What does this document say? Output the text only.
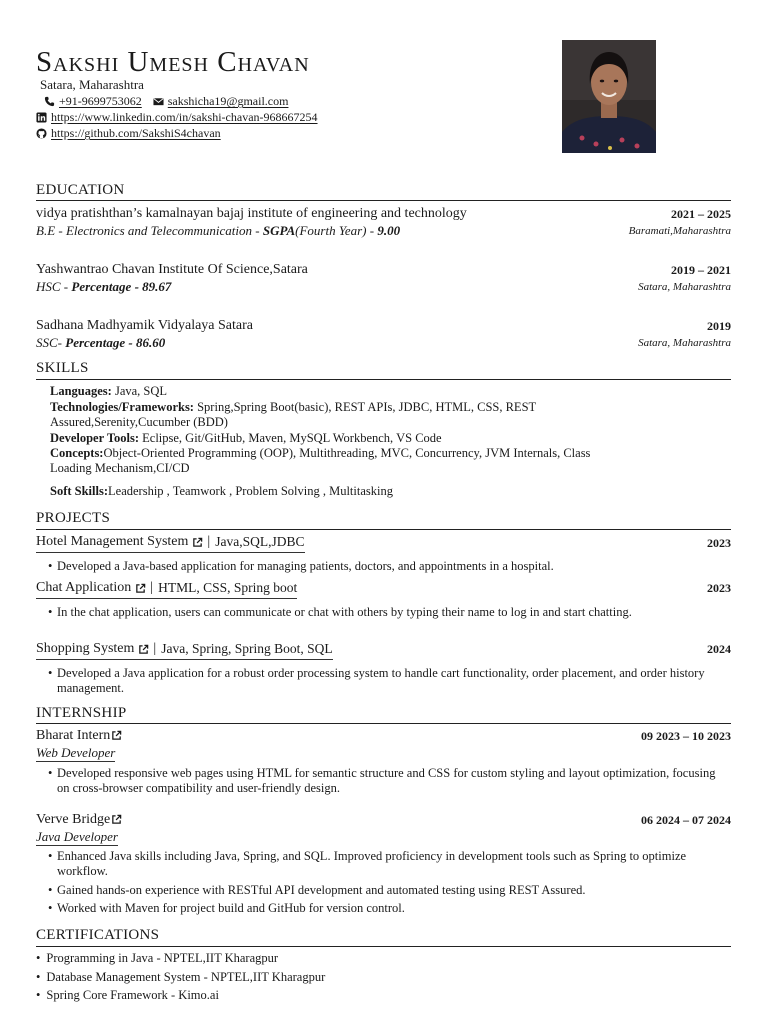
Sakshi Umesh Chavan
Satara, Maharashtra
+91-9699753062 sakshicha19@gmail.com
https://www.linkedin.com/in/sakshi-chavan-968667254
https://github.com/SakshiS4chavan
EDUCATION
vidya pratishthan’s kamalnayan bajaj institute of engineering and technology	2021 – 2025
B.E - Electronics and Telecommunication - SGPA(Fourth Year) - 9.00	Baramati,Maharashtra
Yashwantrao Chavan Institute Of Science,Satara	2019 – 2021
HSC - Percentage - 89.67	Satara, Maharashtra
Sadhana Madhyamik Vidyalaya Satara	2019
SSC- Percentage - 86.60	Satara, Maharashtra
SKILLS
Languages: Java, SQL
Technologies/Frameworks: Spring,Spring Boot(basic), REST APIs, JDBC, HTML, CSS, REST
Assured,Serenity,Cucumber (BDD)
Developer Tools: Eclipse, Git/GitHub, Maven, MySQL Workbench, VS Code
Concepts:Object-Oriented Programming (OOP), Multithreading, MVC, Concurrency, JVM Internals, Class
Loading Mechanism,CI/CD
Soft Skills:Leadership , Teamwork , Problem Solving , Multitasking
PROJECTS
Hotel Management System | Java,SQL,JDBC	2023
• Developed a Java-based application for managing patients, doctors, and appointments in a hospital.
Chat Application | HTML, CSS, Spring boot	2023
• In the chat application, users can communicate or chat with others by typing their name to log in and start chatting.
Shopping System | Java, Spring, Spring Boot, SQL	2024
• Developed a Java application for a robust order processing system to handle cart functionality, order placement, and order history management.
INTERNSHIP
Bharat Intern	09 2023 – 10 2023
Web Developer
• Developed responsive web pages using HTML for semantic structure and CSS for custom styling and layout optimization, focusing on cross-browser compatibility and user-friendly design.
Verve Bridge	06 2024 – 07 2024
Java Developer
• Enhanced Java skills including Java, Spring, and SQL. Improved proficiency in development tools such as Spring to optimize workflow.
• Gained hands-on experience with RESTful API development and automated testing using REST Assured.
• Worked with Maven for project build and GitHub for version control.
CERTIFICATIONS
• Programming in Java - NPTEL,IIT Kharagpur
• Database Management System - NPTEL,IIT Kharagpur
• Spring Core Framework - Kimo.ai
